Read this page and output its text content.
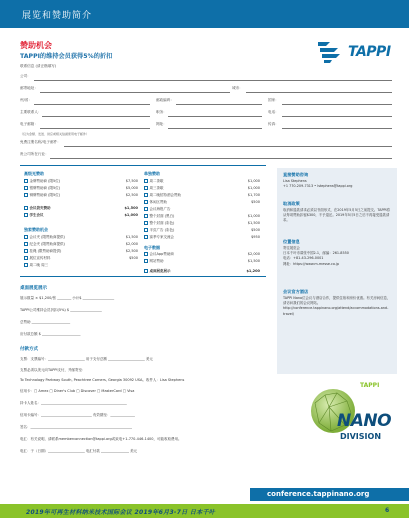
展览和赞助简介
TAPPI
赞助机会
TAPPI的维持会员获得5%的折扣
联系信息 (请正楷填写)
公司：
邮寄地址：	城市：
州/省：	邮政编码：	国家：
主要联系人：	职务：	电话：
电子邮箱：	网址：	传真：
（仅为金额、发送、供应或相关信函使用电子邮件）
免费注册名称/电子邮件：
贵公司所在行业：
高级光赞助
金牌赞助商 (限5位)	$7,500
银牌赞助商 (限5位)	$5,000
铜牌赞助商 (限5位)	$2,500
会议袋夹赞助	$1,500
学生会议	$1,000
独家赞助机会
会议夹 (限赞助商提供)	$1,500
纪念夹 (限赞助商提供)	$2,000
挂绳 (限赞助商提供)	$2,500
展位宣传材料	$500
周二晚 周三
单独赞助
周二茶歇	$1,000
周三茶歇	$1,000
周二晚招待酒会赞助	$1,700
休闲区赞助	$500
会议海报广告
整个封面 (黑白)	$1,000
整个封面 (彩色)	$1,500
半页广告 (彩色)	$500
赛季专家交流会	$950
电子数据
会议App赞助商	$2,000
网站赞助	$1,500
桌面展览展示	$1,200
直接赞助咨询
Lisa Stephens
+1 770-209-7313 • lstephens@tappi.org
取消政策
取消和退款请求必须以书面形式，在2019年5月5日之前提交。TAPPI将从每项赞助扣留$300，不予退还。2019年5月5日之后不再接受退款请求。
位置信息
寄往展览会
日本千叶市幕张中国2-1，邮编：261-8550
电话：+81-43-296-0001
网址：https://www.m-messe.co.jp
会议官方酒店
TAPPI Nano位会议与酒店合作，提供住宿和房价优惠。有关房间信息，请访问我们的会议网站。
http://conference.tappinano.org/attend/accommodations-and-travel/
桌面展览展示
展示数量 × $1,200/张 ________ 小计$ __________________
TAPPI公司维持会员折扣(5%) $ __________________
总赞助 ______________________
应付款总额 $ ______________________
付款方式
支票：支票编号：_____________________ 用于支付总额 _____________________ 美元
支票必须以美元向TAPPI支付，并邮寄至：
To Technology Parkway South, Peachtree Corners, Georgia 30092 USA。收件人：Lisa Stephens
信用卡：□ Amex □ Diner's Club □ Discover □ MasterCard □ Visa
持卡人姓名：_________________________________________________
信用卡编号：_____________________________ 有效期至：______________
签名：__________________________________________________________
电汇：有关说明，请联系memberconnection@tappi.org或致电+1-770-446-1400，可能收取费用。
电汇：于（日期）_____________________ 电汇付款 ________________ 美元
TAPPI
NANO
DIVISION
conference.tappinano.org
2019年可再生材料纳米技术国际会议 2019年6月3-7日 日本千叶	6
